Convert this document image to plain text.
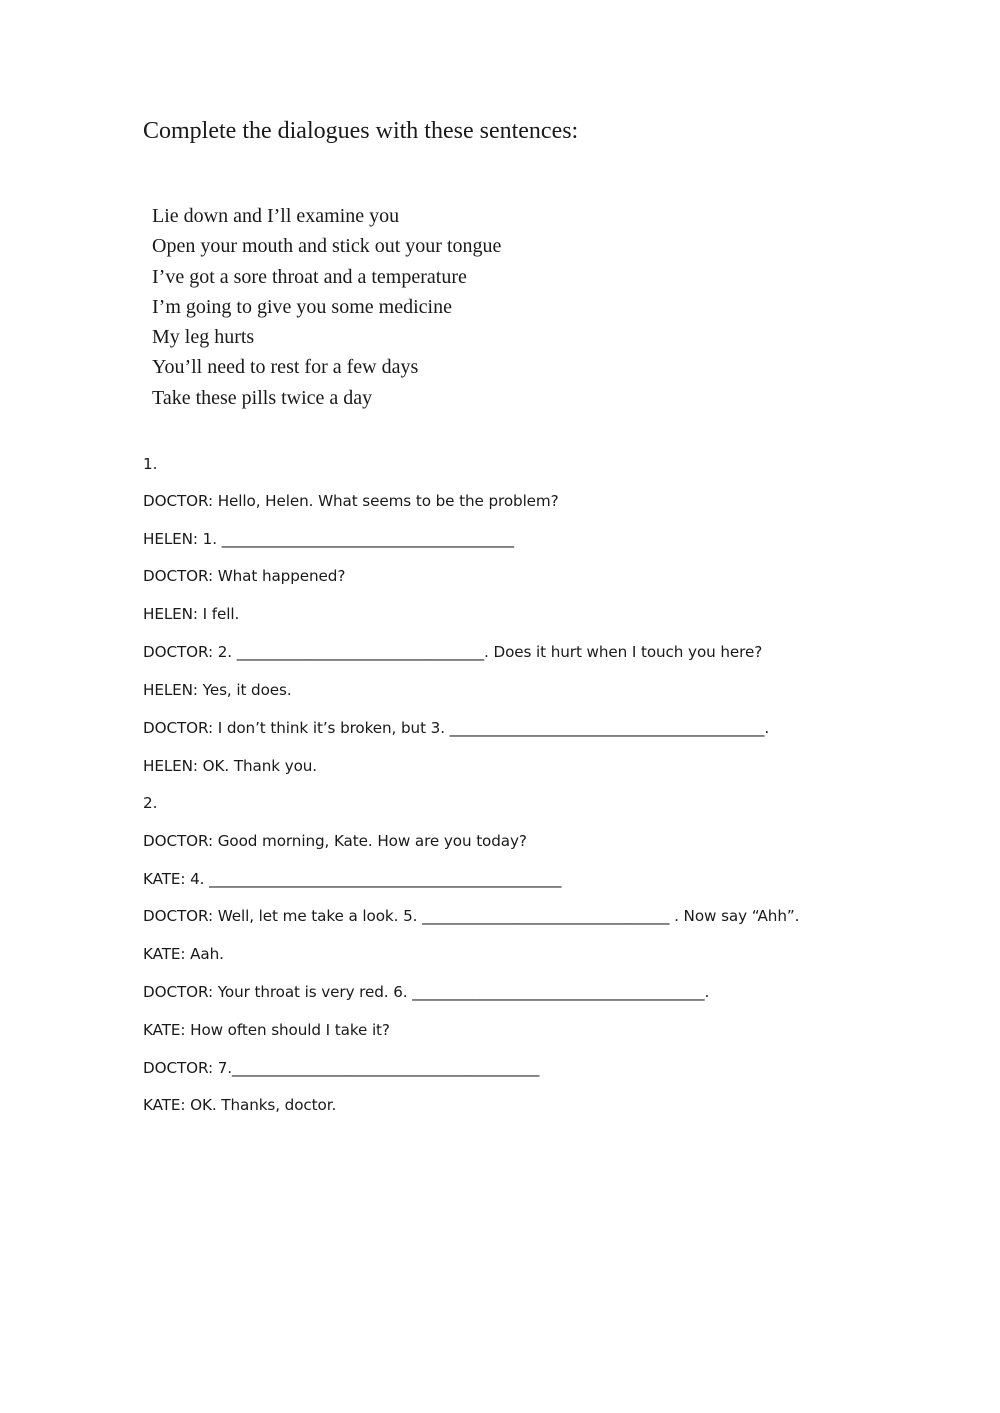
Complete the dialogues with these sentences:
Lie down and I’ll examine you
Open your mouth and stick out your tongue
I’ve got a sore throat and a temperature
I’m going to give you some medicine
My leg hurts
You’ll need to rest for a few days
Take these pills twice a day

1.

DOCTOR: Hello, Helen. What seems to be the problem?

HELEN: 1. _______________________________________

DOCTOR: What happened?

HELEN: I fell.

DOCTOR: 2. _________________________________. Does it hurt when I touch you here?

HELEN: Yes, it does.

DOCTOR: I don’t think it’s broken, but 3. __________________________________________.

HELEN: OK. Thank you.

2.

DOCTOR: Good morning, Kate. How are you today?

KATE: 4. _______________________________________________

DOCTOR: Well, let me take a look. 5. _________________________________ . Now say “Ahh”.

KATE: Aah.

DOCTOR: Your throat is very red. 6. _______________________________________.

KATE: How often should I take it?

DOCTOR: 7._________________________________________

KATE: OK. Thanks, doctor.
